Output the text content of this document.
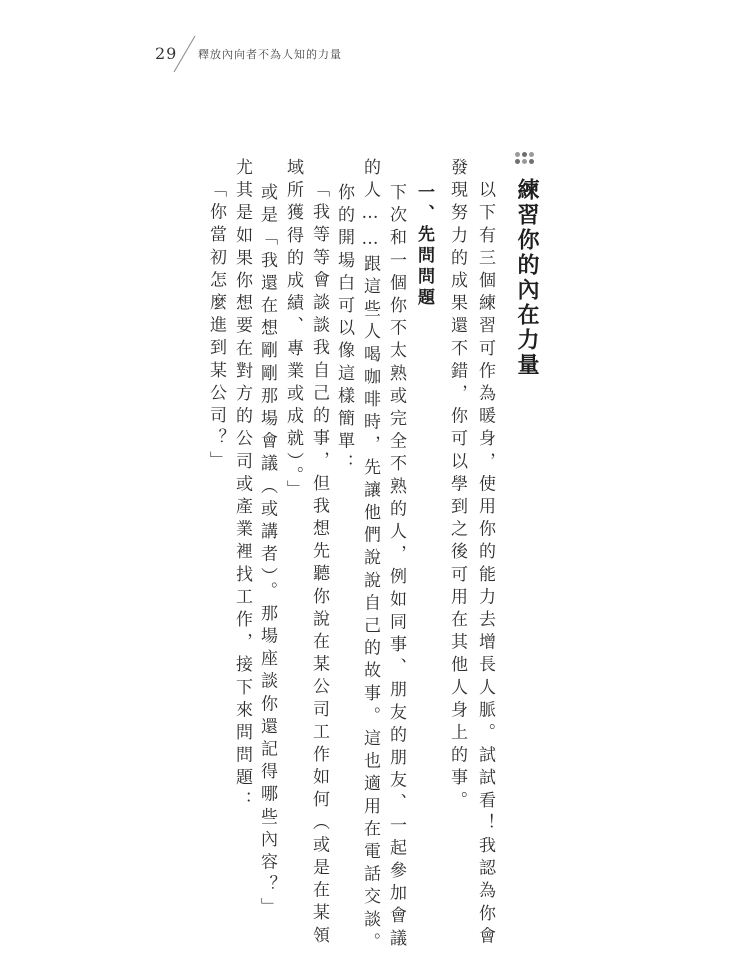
29 釋放內向者不為人知的力量
練習你的內在力量
　以下有三個練習可作為暖身，使用你的能力去增長人脈。試試看！我認為你會
發現努力的成果還不錯，你可以學到之後可用在其他人身上的事。
一、先問問題
下次和一個你不太熟或完全不熟的人，例如同事、朋友的朋友、一起參加會議
的人……跟這些人喝咖啡時，先讓他們說說自己的故事。這也適用在電話交談。
你的開場白可以像這樣簡單：
「我等等會談談我自己的事，但我想先聽你說在某公司工作如何（或是在某領
域所獲得的成績、專業或成就）。」
或是「我還在想剛剛那場會議（或講者）。那場座談你還記得哪些內容？」
尤其是如果你想要在對方的公司或產業裡找工作，接下來問問題：
「你當初怎麼進到某公司？」
